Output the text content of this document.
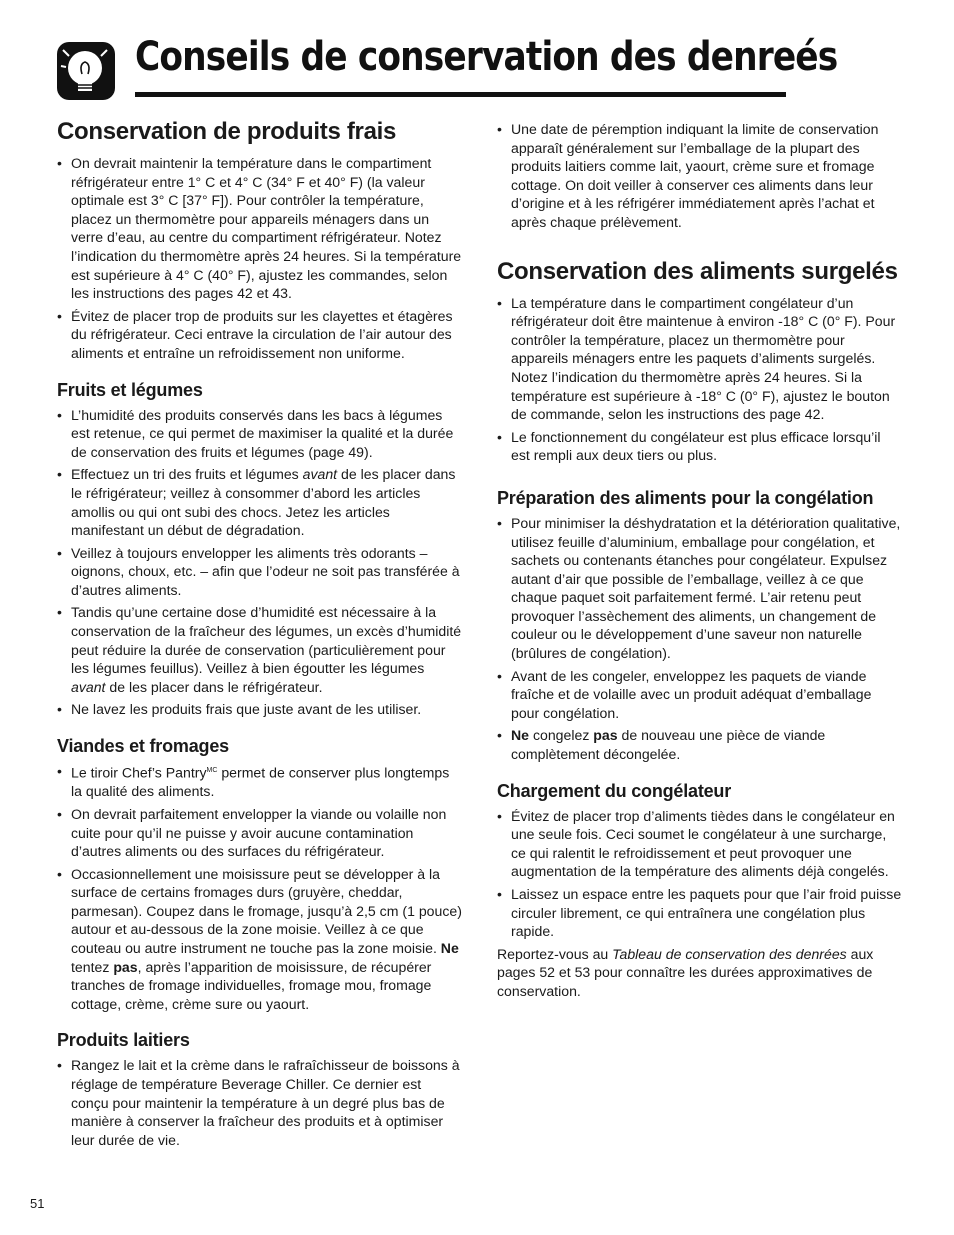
Conseils de conservation des denreés
Conservation de produits frais
• On devrait maintenir la température dans le compartiment réfrigérateur entre 1° C et 4° C (34° F et 40° F) (la valeur optimale est 3° C [37° F]). Pour contrôler la température, placez un thermomètre pour appareils ménagers dans un verre d’eau, au centre du compartiment réfrigérateur. Notez l’indication du thermomètre après 24 heures. Si la température est supérieure à 4° C (40° F), ajustez les commandes, selon les instructions des pages 42 et 43.
• Évitez de placer trop de produits sur les clayettes et étagères du réfrigérateur. Ceci entrave la circulation de l’air autour des aliments et entraîne un refroidissement non uniforme.
Fruits et légumes
• L’humidité des produits conservés dans les bacs à légumes est retenue, ce qui permet de maximiser la qualité et la durée de conservation des fruits et légumes (page 49).
• Effectuez un tri des fruits et légumes avant de les placer dans le réfrigérateur; veillez à consommer d’abord les articles amollis ou qui ont subi des chocs. Jetez les articles manifestant un début de dégradation.
• Veillez à toujours envelopper les aliments très odorants – oignons, choux, etc. – afin que l’odeur ne soit pas transférée à d’autres aliments.
• Tandis qu’une certaine dose d’humidité est nécessaire à la conservation de la fraîcheur des légumes, un excès d’humidité peut réduire la durée de conservation (particulièrement pour les légumes feuillus). Veillez à bien égoutter les légumes avant de les placer dans le réfrigérateur.
• Ne lavez les produits frais que juste avant de les utiliser.
Viandes et fromages
• Le tiroir Chef’s Pantry$^{MC}$ permet de conserver plus longtemps la qualité des aliments.
• On devrait parfaitement envelopper la viande ou volaille non cuite pour qu’il ne puisse y avoir aucune contamination d’autres aliments ou des surfaces du réfrigérateur.
• Occasionnellement une moisissure peut se développer à la surface de certains fromages durs (gruyère, cheddar, parmesan). Coupez dans le fromage, jusqu’à 2,5 cm (1 pouce) autour et au-dessous de la zone moisie. Veillez à ce que couteau ou autre instrument ne touche pas la zone moisie. Ne tentez pas, après l’apparition de moisissure, de récupérer tranches de fromage individuelles, fromage mou, fromage cottage, crème, crème sure ou yaourt.
Produits laitiers
• Rangez le lait et la crème dans le rafraîchisseur de boissons à réglage de température Beverage Chiller. Ce dernier est conçu pour maintenir la température à un degré plus bas de manière à conserver la fraîcheur des produits et à optimiser leur durée de vie.
• Une date de péremption indiquant la limite de conservation apparaît généralement sur l’emballage de la plupart des produits laitiers comme lait, yaourt, crème sure et fromage cottage. On doit veiller à conserver ces aliments dans leur d’origine et à les réfrigérer immédiatement après l’achat et après chaque prélèvement.
Conservation des aliments surgelés
• La température dans le compartiment congélateur d’un réfrigérateur doit être maintenue à environ -18° C (0° F). Pour contrôler la température, placez un thermomètre pour appareils ménagers entre les paquets d’aliments surgelés. Notez l’indication du thermomètre après 24 heures. Si la température est supérieure à -18° C (0° F), ajustez le bouton de commande, selon les instructions des page 42.
• Le fonctionnement du congélateur est plus efficace lorsqu’il est rempli aux deux tiers ou plus.
Préparation des aliments pour la congélation
• Pour minimiser la déshydratation et la détérioration qualitative, utilisez feuille d’aluminium, emballage pour congélation, et sachets ou contenants étanches pour congélateur. Expulsez autant d’air que possible de l’emballage, veillez à ce que chaque paquet soit parfaitement fermé. L’air retenu peut provoquer l’assèchement des aliments, un changement de couleur ou le développement d’une saveur non naturelle (brûlures de congélation).
• Avant de les congeler, enveloppez les paquets de viande fraîche et de volaille avec un produit adéquat d’emballage pour congélation.
• Ne congelez pas de nouveau une pièce de viande complètement décongelée.
Chargement du congélateur
• Évitez de placer trop d’aliments tièdes dans le congélateur en une seule fois. Ceci soumet le congélateur à une surcharge, ce qui ralentit le refroidissement et peut provoquer une augmentation de la température des aliments déjà congelés.
• Laissez un espace entre les paquets pour que l’air froid puisse circuler librement, ce qui entraînera une congélation plus rapide.

Reportez-vous au Tableau de conservation des denrées aux pages 52 et 53 pour connaître les durées approximatives de conservation.

51
